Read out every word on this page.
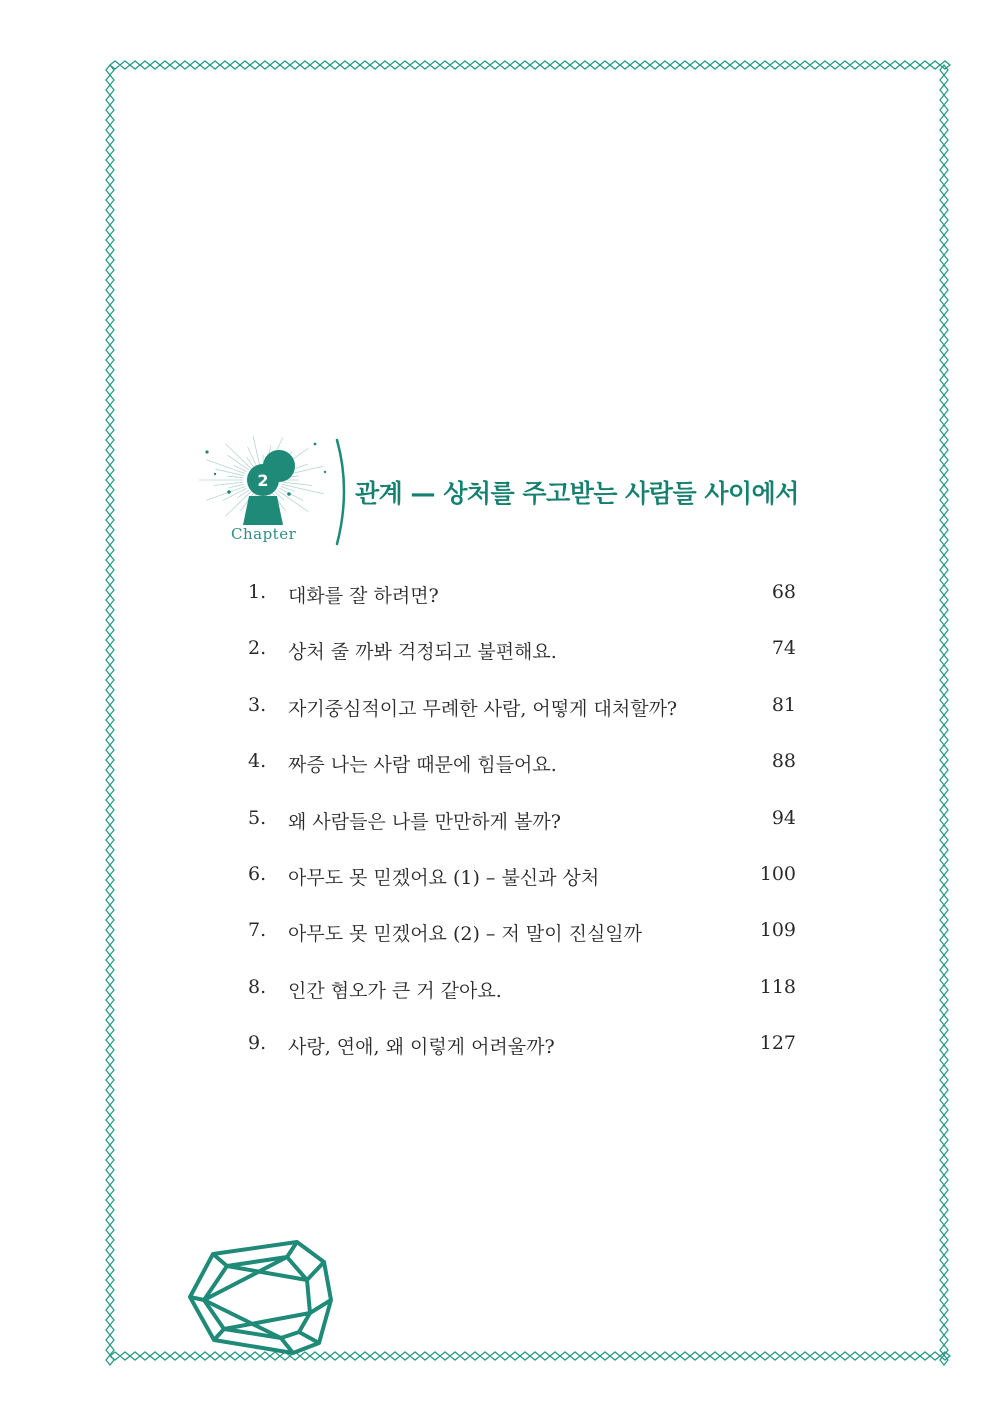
2
Chapter
관계 — 상처를 주고받는 사람들 사이에서
1.	대화를 잘 하려면?	68
2.	상처 줄 까봐 걱정되고 불편해요.	74
3.	자기중심적이고 무례한 사람, 어떻게 대처할까?	81
4.	짜증 나는 사람 때문에 힘들어요.	88
5.	왜 사람들은 나를 만만하게 볼까?	94
6.	아무도 못 믿겠어요 (1) – 불신과 상처	100
7.	아무도 못 믿겠어요 (2) – 저 말이 진실일까	109
8.	인간 혐오가 큰 거 같아요.	118
9.	사랑, 연애, 왜 이렇게 어려울까?	127
